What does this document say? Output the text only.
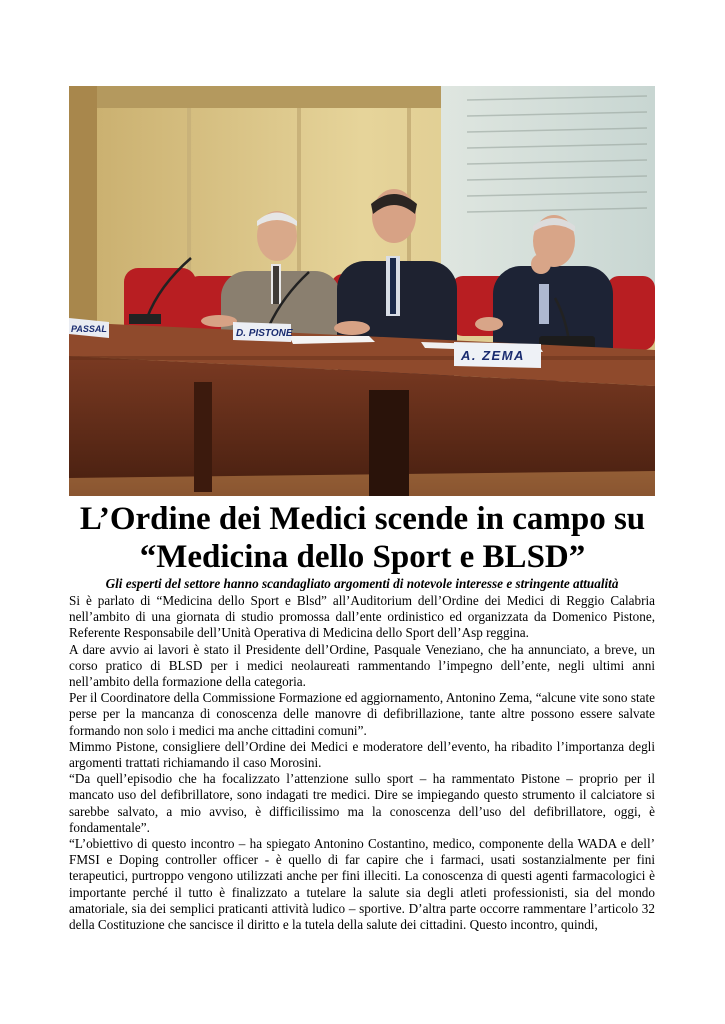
PASSAL	D. PISTONE
A. ZEMA
L’Ordine dei Medici scende in campo su
“Medicina dello Sport e BLSD”

Gli esperti del settore hanno scandagliato argomenti di notevole interesse e stringente attualità

Si è parlato di “Medicina dello Sport e Blsd” all’Auditorium dell’Ordine dei Medici di Reggio Calabria nell’ambito di una giornata di studio promossa dall’ente ordinistico ed organizzata da Domenico Pistone, Referente Responsabile dell’Unità Operativa di Medicina dello Sport dell’Asp reggina.

A dare avvio ai lavori è stato il Presidente dell’Ordine, Pasquale Veneziano, che ha annunciato, a breve, un corso pratico di BLSD per i medici neolaureati rammentando l’impegno dell’ente, negli ultimi anni nell’ambito della formazione della categoria.

Per il Coordinatore della Commissione Formazione ed aggiornamento, Antonino Zema, “alcune vite sono state perse per la mancanza di conoscenza delle manovre di defibrillazione, tante altre possono essere salvate formando non solo i medici ma anche cittadini comuni”.

Mimmo Pistone, consigliere dell’Ordine dei Medici e moderatore dell’evento, ha ribadito l’importanza degli argomenti trattati richiamando il caso Morosini.

“Da quell’episodio che ha focalizzato l’attenzione sullo sport – ha rammentato Pistone – proprio per il mancato uso del defibrillatore, sono indagati tre medici. Dire se impiegando questo strumento il calciatore si sarebbe salvato, a mio avviso, è difficilissimo ma la conoscenza dell’uso del defibrillatore, oggi, è fondamentale”.

“L’obiettivo di questo incontro – ha spiegato Antonino Costantino, medico, componente della WADA e dell’ FMSI e Doping controller officer - è quello di far capire che i farmaci, usati sostanzialmente per fini terapeutici, purtroppo vengono utilizzati anche per fini illeciti. La conoscenza di questi agenti farmacologici è importante perché il tutto è finalizzato a tutelare la salute sia degli atleti professionisti, sia del mondo amatoriale, sia dei semplici praticanti attività ludico – sportive. D’altra parte occorre rammentare l’articolo 32 della Costituzione che sancisce il diritto e la tutela della salute dei cittadini. Questo incontro, quindi,
